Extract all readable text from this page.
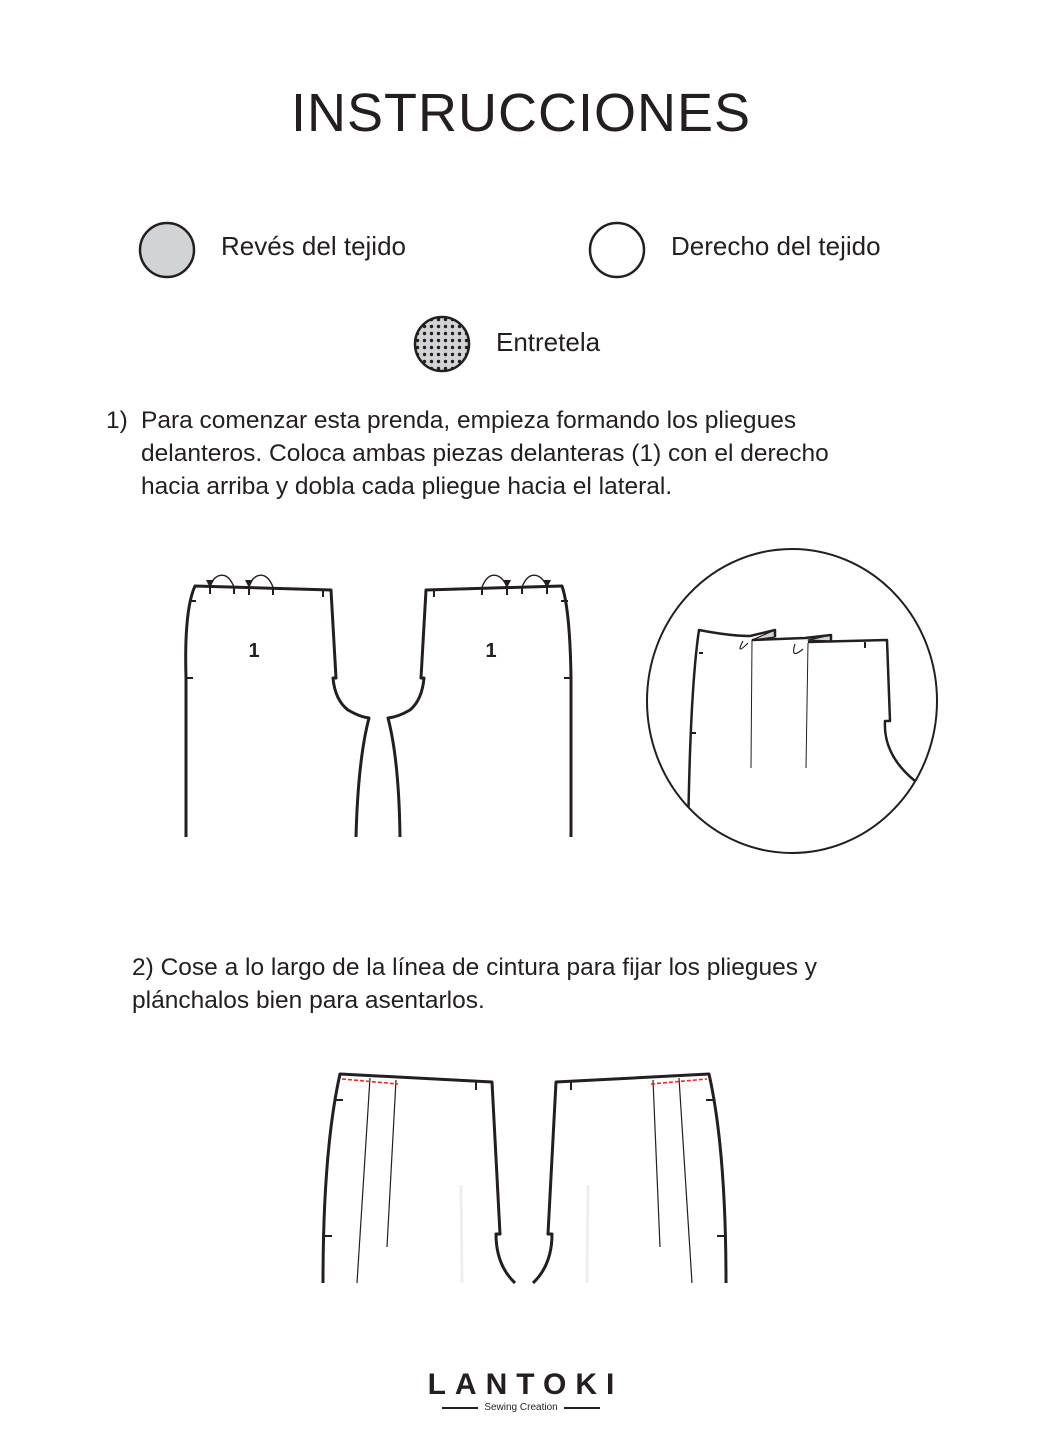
INSTRUCCIONES
Revés del tejido	Derecho del tejido
Entretela
1) Para comenzar esta prenda, empieza formando los pliegues
delanteros. Coloca ambas piezas delanteras (1) con el derecho
hacia arriba y dobla cada pliegue hacia el lateral.
1	1
2) Cose a lo largo de la línea de cintura para fijar los pliegues y
plánchalos bien para asentarlos.
LANTOKI
Sewing Creation
